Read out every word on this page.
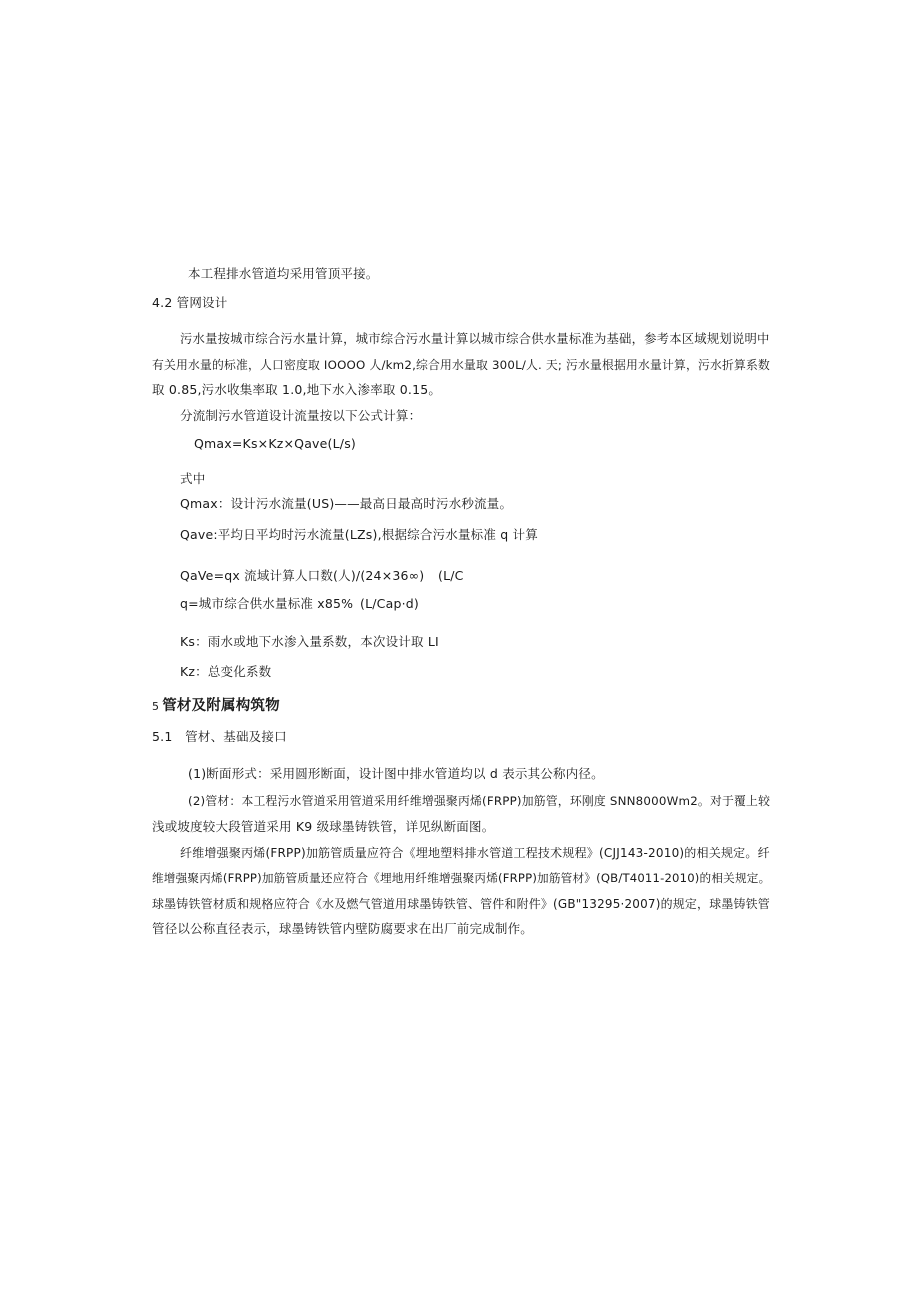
本工程排水管道均采用管顶平接。
4.2 管网设计
污水量按城市综合污水量计算，城市综合污水量计算以城市综合供水量标准为基础，参考本区域规划说明中
有关用水量的标准，人口密度取 IOOOO 人/km2,综合用水量取 300L/人. 天; 污水量根据用水量计算，污水折算系数
取 0.85,污水收集率取 1.0,地下水入渗率取 0.15。
分流制污水管道设计流量按以下公式计算：
Qmax=Ks×Kz×Qave(L/s)
式中
Qmax：设计污水流量(US)——最高日最高时污水秒流量。
Qave:平均日平均时污水流量(LZs),根据综合污水量标准 q 计算
QaVe=qx 流域计算人口数(人)/(24×36∞) (L/C
q=城市综合供水量标准 x85% (L/Cap·d)
Ks：雨水或地下水渗入量系数，本次设计取 LI
Kz：总变化系数
5 管材及附属构筑物
5.1　管材、基础及接口
(1)断面形式：采用圆形断面，设计图中排水管道均以 d 表示其公称内径。
(2)管材：本工程污水管道采用管道采用纤维增强聚丙烯(FRPP)加筋管，环刚度 SNN8000Wm2。对于覆上较
浅或坡度较大段管道采用 K9 级球墨铸铁管，详见纵断面图。
纤维增强聚丙烯(FRPP)加筋管质量应符合《埋地塑料排水管道工程技术规程》(CJJ143-2010)的相关规定。纤
维增强聚丙烯(FRPP)加筋管质量还应符合《埋地用纤维增强聚丙烯(FRPP)加筋管材》(QB/T4011-2010)的相关规定。
球墨铸铁管材质和规格应符合《水及燃气管道用球墨铸铁管、管件和附件》(GB"13295·2007)的规定，球墨铸铁管
管径以公称直径表示，球墨铸铁管内壁防腐要求在出厂前完成制作。
